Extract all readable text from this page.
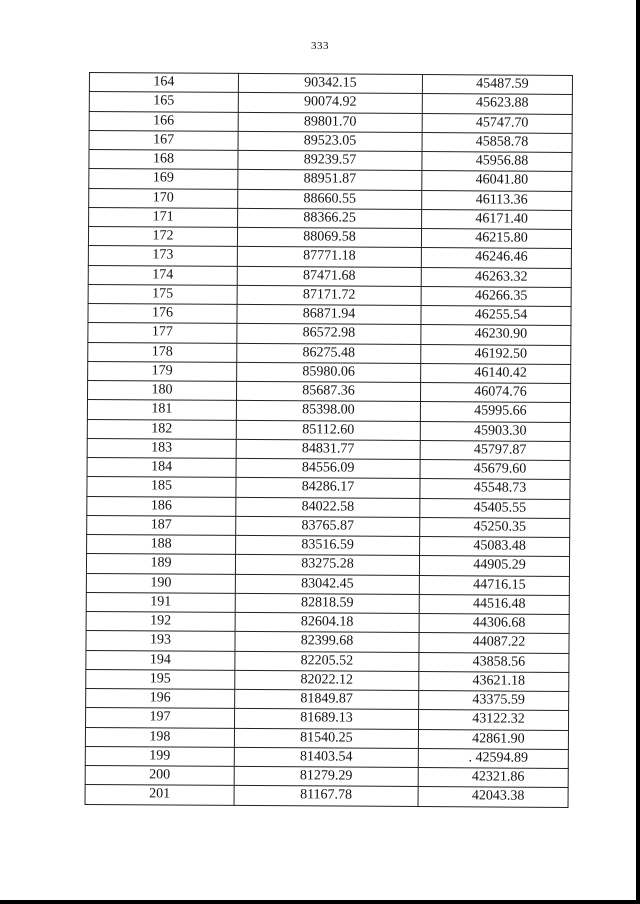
333
164	90342.15	45487.59
165	90074.92	45623.88
166	89801.70	45747.70
167	89523.05	45858.78
168	89239.57	45956.88
169	88951.87	46041.80
170	88660.55	46113.36
171	88366.25	46171.40
172	88069.58	46215.80
173	87771.18	46246.46
174	87471.68	46263.32
175	87171.72	46266.35
176	86871.94	46255.54
177	86572.98	46230.90
178	86275.48	46192.50
179	85980.06	46140.42
180	85687.36	46074.76
181	85398.00	45995.66
182	85112.60	45903.30
183	84831.77	45797.87
184	84556.09	45679.60
185	84286.17	45548.73
186	84022.58	45405.55
187	83765.87	45250.35
188	83516.59	45083.48
189	83275.28	44905.29
190	83042.45	44716.15
191	82818.59	44516.48
192	82604.18	44306.68
193	82399.68	44087.22
194	82205.52	43858.56
195	82022.12	43621.18
196	81849.87	43375.59
197	81689.13	43122.32
198	81540.25	42861.90
199	81403.54	. 42594.89
200	81279.29	42321.86
201	81167.78	42043.38
